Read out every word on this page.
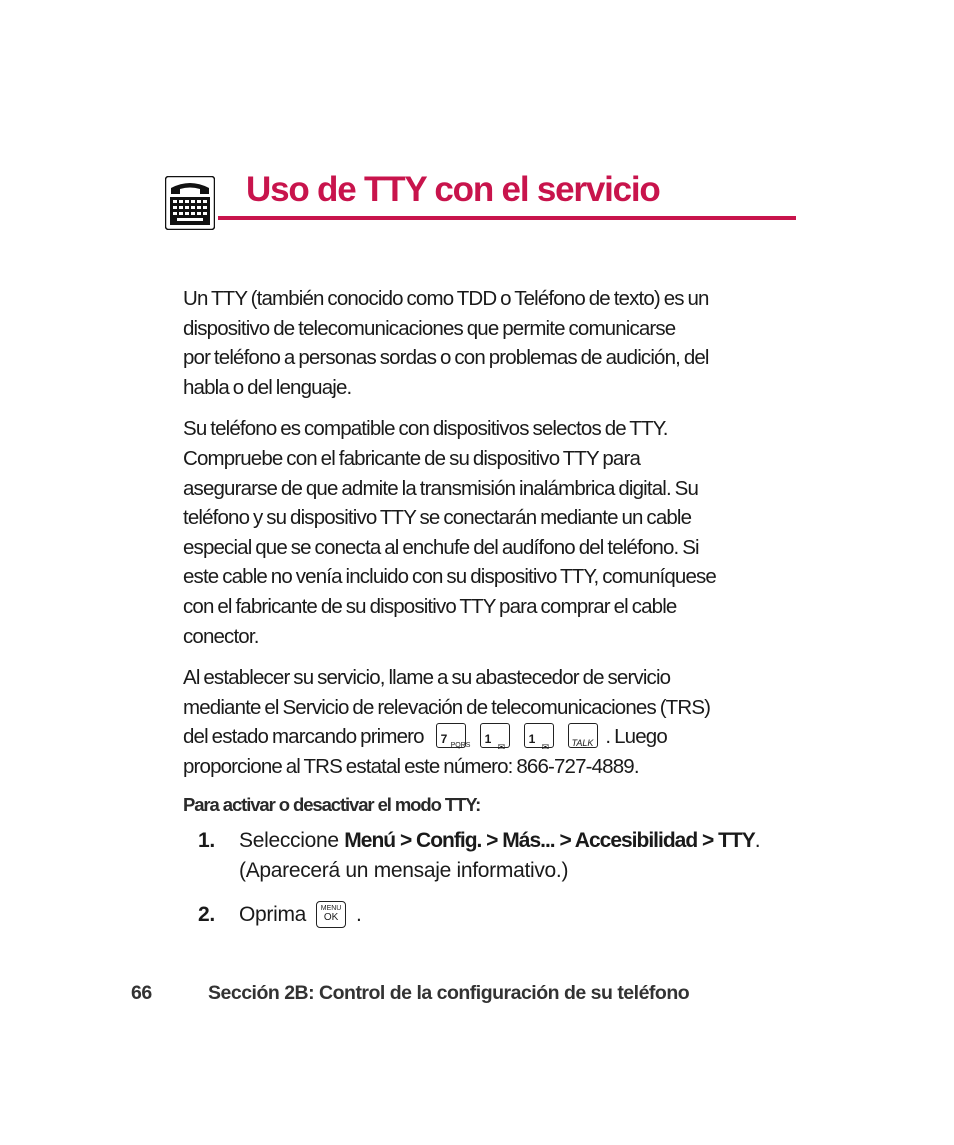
Uso de TTY con el servicio

Un TTY (también conocido como TDD o Teléfono de texto) es un
dispositivo de telecomunicaciones que permite comunicarse
por teléfono a personas sordas o con problemas de audición, del
habla o del lenguaje.

Su teléfono es compatible con dispositivos selectos de TTY.
Compruebe con el fabricante de su dispositivo TTY para
asegurarse de que admite la transmisión inalámbrica digital. Su
teléfono y su dispositivo TTY se conectarán mediante un cable
especial que se conecta al enchufe del audífono del teléfono. Si
este cable no venía incluido con su dispositivo TTY, comuníquese
con el fabricante de su dispositivo TTY para comprar el cable
conector.

Al establecer su servicio, llame a su abastecedor de servicio
mediante el Servicio de relevación de telecomunicaciones (TRS)
del estado marcando primero 7 PQRS 1
✉
1
✉ TALK . Luego
proporcione al TRS estatal este número: 866-727-4889.

Para activar o desactivar el modo TTY:
1. Seleccione Menú > Config. > Más... > Accesibilidad > TTY.
(Aparecerá un mensaje informativo.)
2. Oprima	MENU
OK .
66	Sección 2B: Control de la configuración de su teléfono
